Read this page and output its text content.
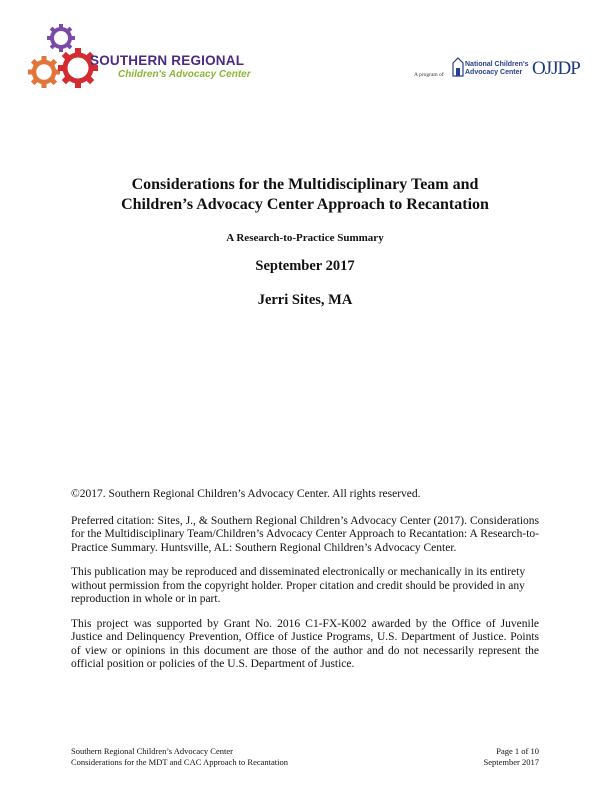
SOUTHERN REGIONAL
Children's Advocacy Center	A program of
National Children's
Advocacy Center OJJDP
Considerations for the Multidisciplinary Team and
Children’s Advocacy Center Approach to Recantation
A Research-to-Practice Summary
September 2017
Jerri Sites, MA

©2017. Southern Regional Children’s Advocacy Center. All rights reserved.

Preferred citation: Sites, J., & Southern Regional Children’s Advocacy Center (2017). Considerations for the Multidisciplinary Team/Children’s Advocacy Center Approach to Recantation: A Research-to-Practice Summary. Huntsville, AL: Southern Regional Children’s Advocacy Center.

This publication may be reproduced and disseminated electronically or mechanically in its entirety without permission from the copyright holder. Proper citation and credit should be provided in any reproduction in whole or in part.

This project was supported by Grant No. 2016 C1-FX-K002 awarded by the Office of Juvenile Justice and Delinquency Prevention, Office of Justice Programs, U.S. Department of Justice. Points of view or opinions in this document are those of the author and do not necessarily represent the official position or policies of the U.S. Department of Justice.

Southern Regional Children’s Advocacy Center
Considerations for the MDT and CAC Approach to Recantation
Page 1 of 10
September 2017
